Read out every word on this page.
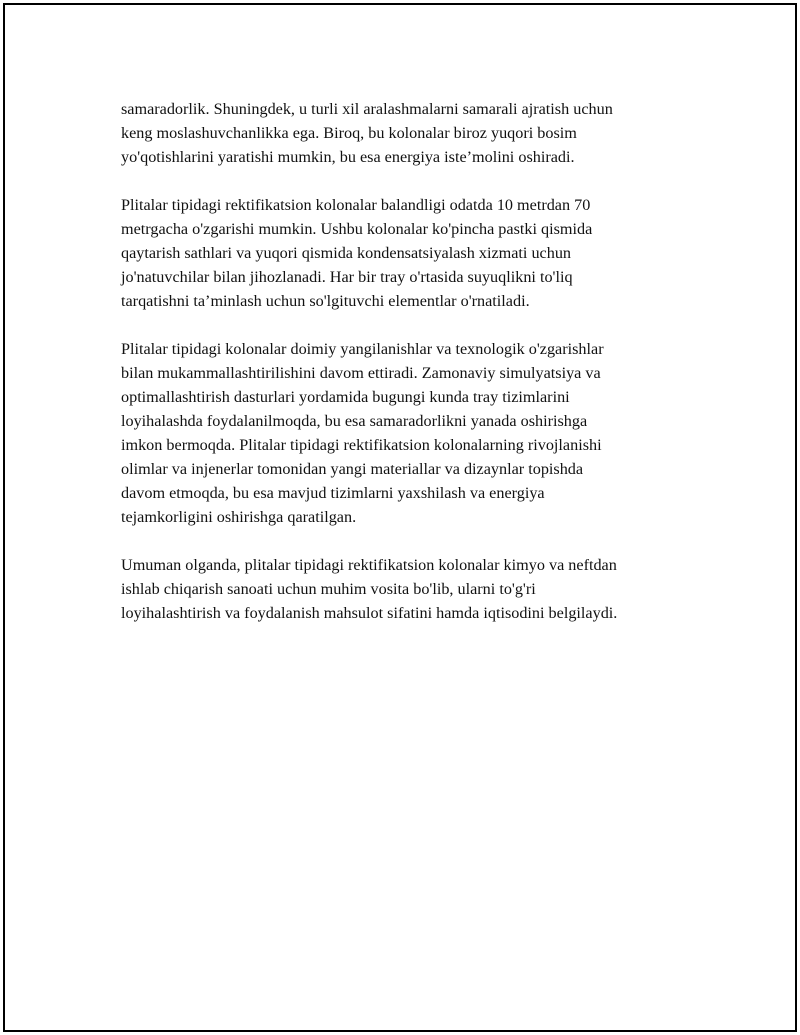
samaradorlik. Shuningdek, u turli xil aralashmalarni samarali ajratish uchun
keng moslashuvchanlikka ega. Biroq, bu kolonalar biroz yuqori bosim
yo'qotishlarini yaratishi mumkin, bu esa energiya iste’molini oshiradi.

Plitalar tipidagi rektifikatsion kolonalar balandligi odatda 10 metrdan 70
metrgacha o'zgarishi mumkin. Ushbu kolonalar ko'pincha pastki qismida
qaytarish sathlari va yuqori qismida kondensatsiyalash xizmati uchun
jo'natuvchilar bilan jihozlanadi. Har bir tray o'rtasida suyuqlikni to'liq
tarqatishni ta’minlash uchun so'lgituvchi elementlar o'rnatiladi.

Plitalar tipidagi kolonalar doimiy yangilanishlar va texnologik o'zgarishlar
bilan mukammallashtirilishini davom ettiradi. Zamonaviy simulyatsiya va
optimallashtirish dasturlari yordamida bugungi kunda tray tizimlarini
loyihalashda foydalanilmoqda, bu esa samaradorlikni yanada oshirishga
imkon bermoqda. Plitalar tipidagi rektifikatsion kolonalarning rivojlanishi
olimlar va injenerlar tomonidan yangi materiallar va dizaynlar topishda
davom etmoqda, bu esa mavjud tizimlarni yaxshilash va energiya
tejamkorligini oshirishga qaratilgan.

Umuman olganda, plitalar tipidagi rektifikatsion kolonalar kimyo va neftdan
ishlab chiqarish sanoati uchun muhim vosita bo'lib, ularni to'g'ri
loyihalashtirish va foydalanish mahsulot sifatini hamda iqtisodini belgilaydi.
